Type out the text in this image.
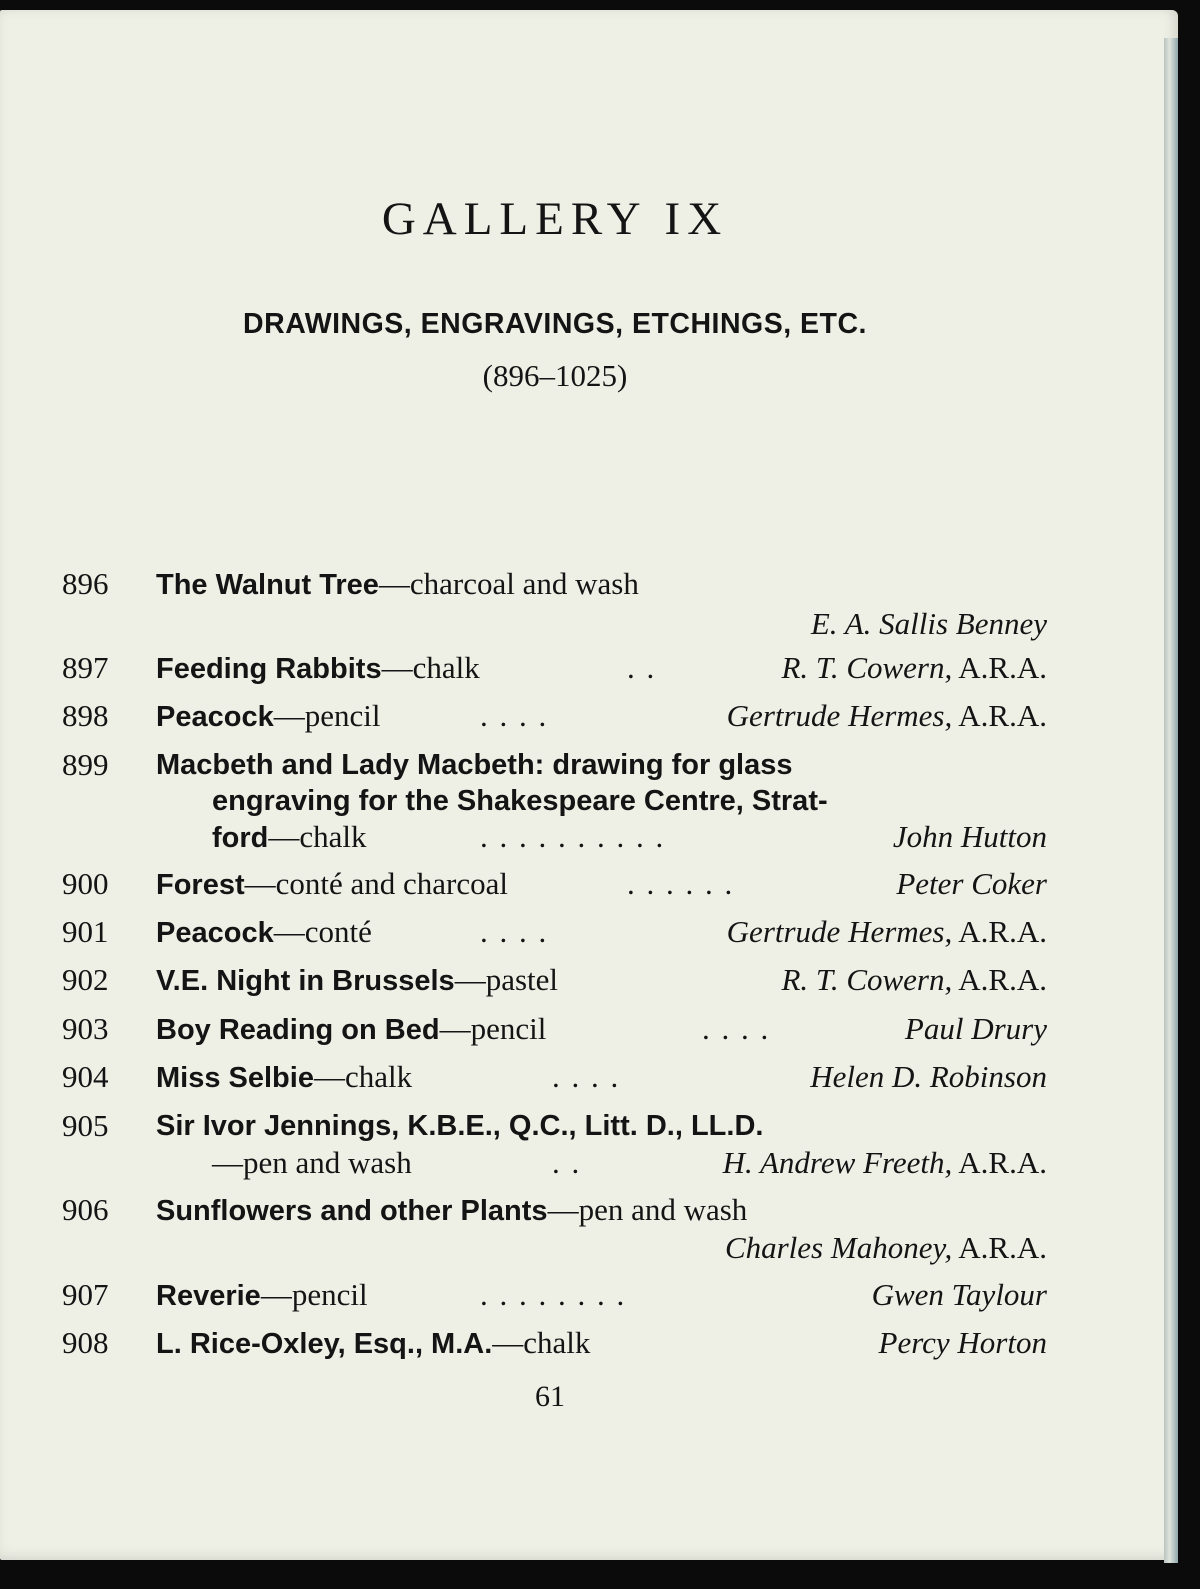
GALLERY IX
DRAWINGS, ENGRAVINGS, ETCHINGS, ETC.
(896–1025)
896 The Walnut Tree—charcoal and wash
E. A. Sallis Benney
897 Feeding Rabbits—chalk	. .	R. T. Cowern, A.R.A.
898 Peacock—pencil	. . . .	Gertrude Hermes, A.R.A.
899 Macbeth and Lady Macbeth: drawing for glass
engraving for the Shakespeare Centre, Strat-
ford—chalk	. . . . . . . . . .	John Hutton
900 Forest—conté and charcoal	. . . . . .	Peter Coker
901 Peacock—conté	. . . .	Gertrude Hermes, A.R.A.
902 V.E. Night in Brussels—pastel	R. T. Cowern, A.R.A.
903 Boy Reading on Bed—pencil	. . . .	Paul Drury
904 Miss Selbie—chalk	. . . .	Helen D. Robinson
905 Sir Ivor Jennings, K.B.E., Q.C., Litt. D., LL.D.
—pen and wash	. .	H. Andrew Freeth, A.R.A.
906 Sunflowers and other Plants—pen and wash
Charles Mahoney, A.R.A.
907 Reverie—pencil	. . . . . . . .	Gwen Taylour
908 L. Rice-Oxley, Esq., M.A.—chalk	Percy Horton
61
